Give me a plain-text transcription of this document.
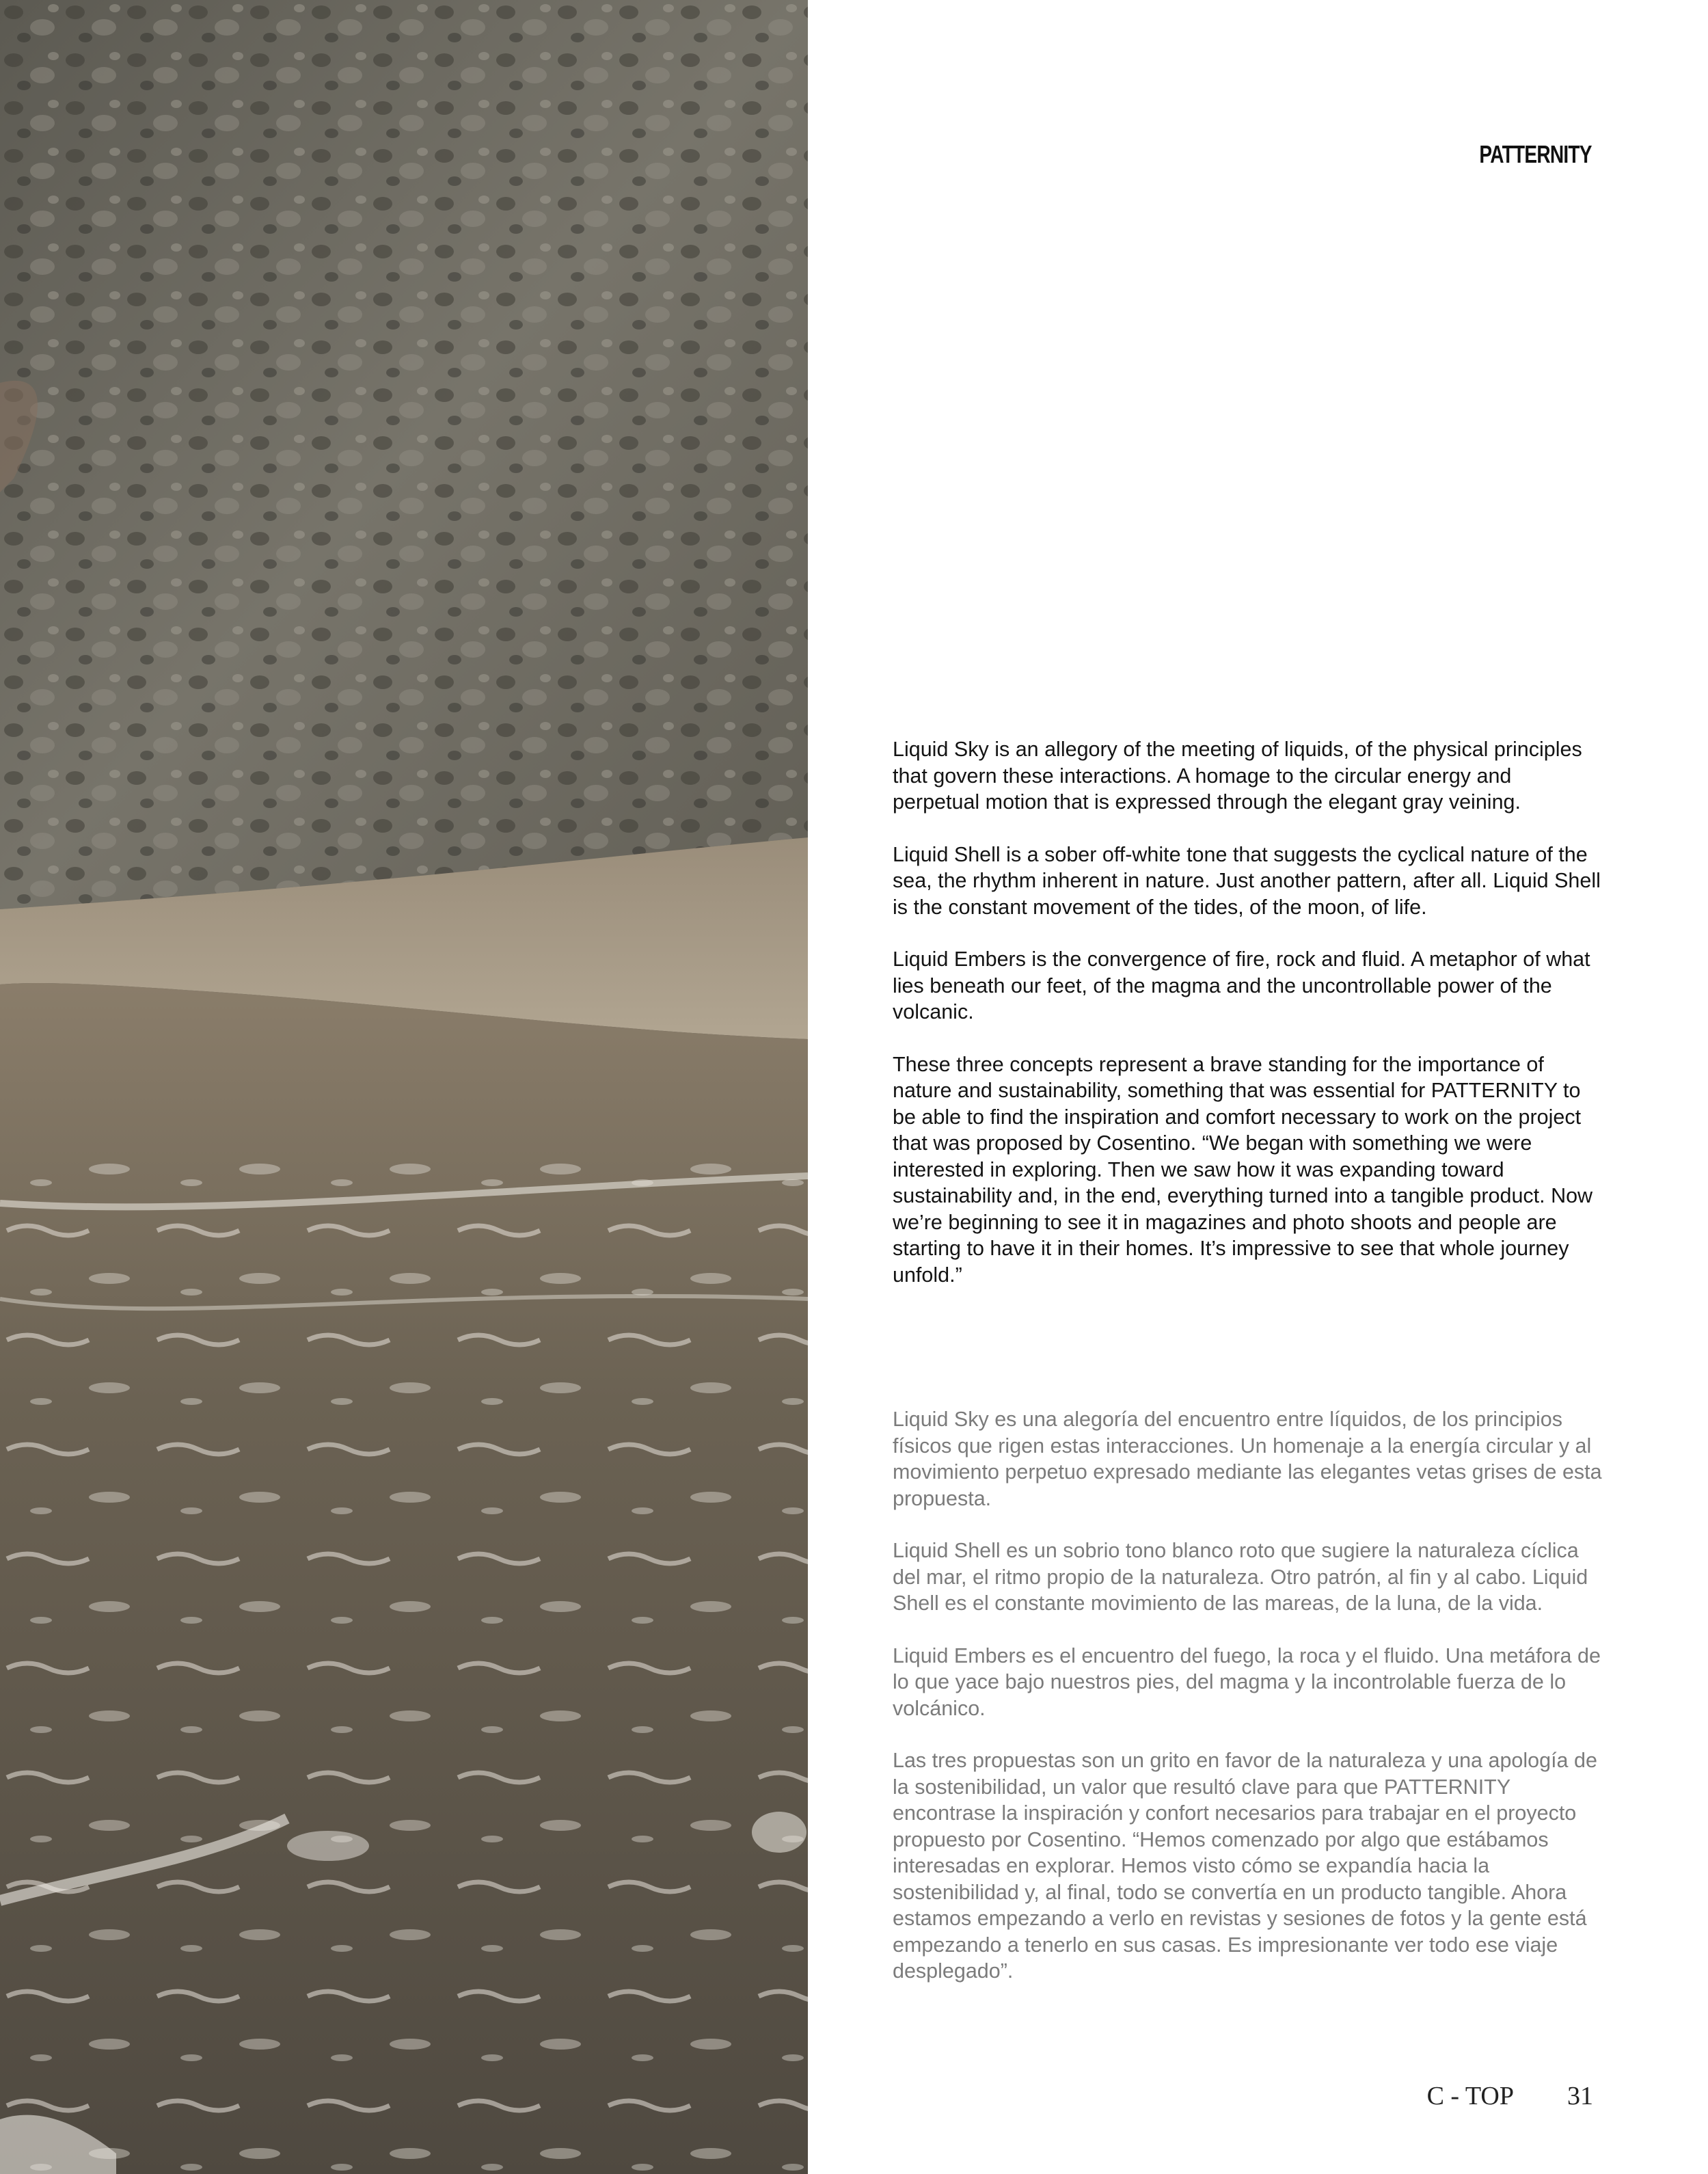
PATTERNITY

Liquid Sky is an allegory of the meeting of liquids, of the physical principles that govern these interactions. A homage to the circular energy and perpetual motion that is expressed through the elegant gray veining.

Liquid Shell is a sober off-white tone that suggests the cyclical nature of the sea, the rhythm inherent in nature. Just another pattern, after all. Liquid Shell is the constant movement of the tides, of the moon, of life.

Liquid Embers is the convergence of fire, rock and fluid. A metaphor of what lies beneath our feet, of the magma and the uncontrollable power of the volcanic.

These three concepts represent a brave standing for the importance of nature and sustainability, something that was essential for PATTERNITY to be able to find the inspiration and comfort necessary to work on the project that was proposed by Cosentino. “We began with something we were interested in exploring. Then we saw how it was expanding toward sustainability and, in the end, everything turned into a tangible product. Now we’re beginning to see it in magazines and photo shoots and people are starting to have it in their homes. It’s impressive to see that whole journey unfold.”

Liquid Sky es una alegoría del encuentro entre líquidos, de los principios físicos que rigen estas interacciones. Un homenaje a la energía circular y al movimiento perpetuo expresado mediante las elegantes vetas grises de esta propuesta.

Liquid Shell es un sobrio tono blanco roto que sugiere la naturaleza cíclica del mar, el ritmo propio de la naturaleza. Otro patrón, al fin y al cabo. Liquid Shell es el constante movimiento de las mareas, de la luna, de la vida.

Liquid Embers es el encuentro del fuego, la roca y el fluido. Una metáfora de lo que yace bajo nuestros pies, del magma y la incontrolable fuerza de lo volcánico.

Las tres propuestas son un grito en favor de la naturaleza y una apología de la sostenibilidad, un valor que resultó clave para que PATTERNITY encontrase la inspiración y confort necesarios para trabajar en el proyecto propuesto por Cosentino. “Hemos comenzado por algo que estábamos interesadas en explorar. Hemos visto cómo se expandía hacia la sostenibilidad y, al final, todo se convertía en un producto tangible. Ahora estamos empezando a verlo en revistas y sesiones de fotos y la gente está empezando a tenerlo en sus casas. Es impresionante ver todo ese viaje desplegado”.

C - TOP 31
